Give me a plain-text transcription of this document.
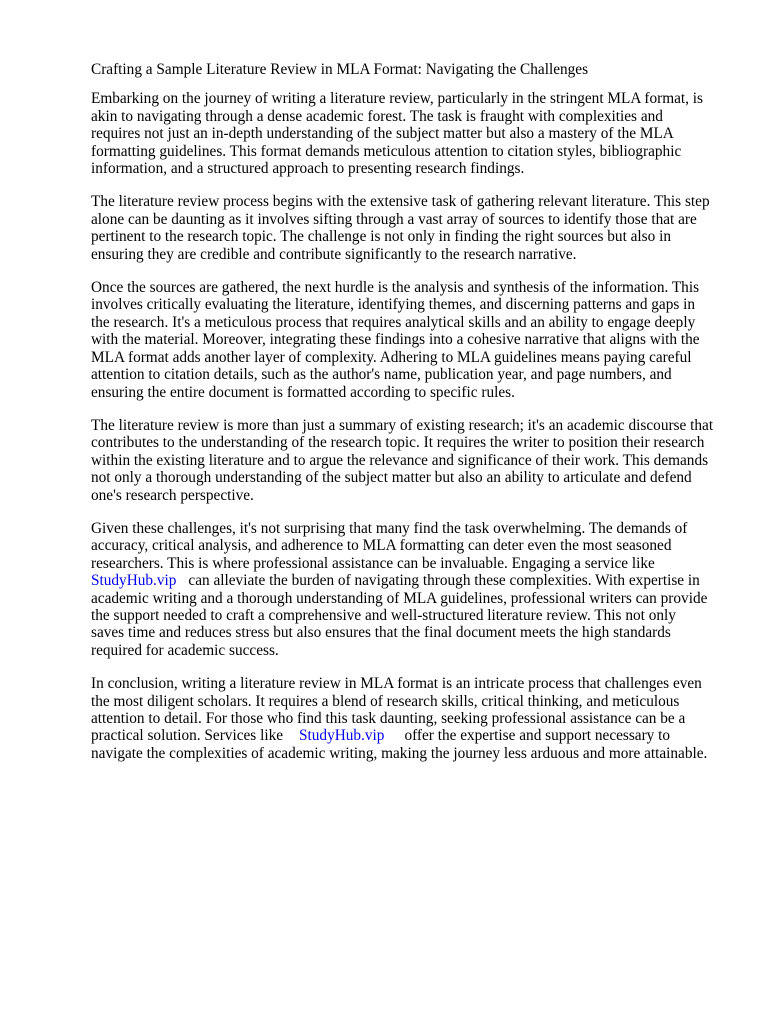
Crafting a Sample Literature Review in MLA Format: Navigating the Challenges

Embarking on the journey of writing a literature review, particularly in the stringent MLA format, is
akin to navigating through a dense academic forest. The task is fraught with complexities and
requires not just an in-depth understanding of the subject matter but also a mastery of the MLA
formatting guidelines. This format demands meticulous attention to citation styles, bibliographic
information, and a structured approach to presenting research findings.

The literature review process begins with the extensive task of gathering relevant literature. This step
alone can be daunting as it involves sifting through a vast array of sources to identify those that are
pertinent to the research topic. The challenge is not only in finding the right sources but also in
ensuring they are credible and contribute significantly to the research narrative.

Once the sources are gathered, the next hurdle is the analysis and synthesis of the information. This
involves critically evaluating the literature, identifying themes, and discerning patterns and gaps in
the research. It's a meticulous process that requires analytical skills and an ability to engage deeply
with the material. Moreover, integrating these findings into a cohesive narrative that aligns with the
MLA format adds another layer of complexity. Adhering to MLA guidelines means paying careful
attention to citation details, such as the author's name, publication year, and page numbers, and
ensuring the entire document is formatted according to specific rules.

The literature review is more than just a summary of existing research; it's an academic discourse that
contributes to the understanding of the research topic. It requires the writer to position their research
within the existing literature and to argue the relevance and significance of their work. This demands
not only a thorough understanding of the subject matter but also an ability to articulate and defend
one's research perspective.

Given these challenges, it's not surprising that many find the task overwhelming. The demands of
accuracy, critical analysis, and adherence to MLA formatting can deter even the most seasoned
researchers. This is where professional assistance can be invaluable. Engaging a service like
StudyHub.vip can alleviate the burden of navigating through these complexities. With expertise in
academic writing and a thorough understanding of MLA guidelines, professional writers can provide
the support needed to craft a comprehensive and well-structured literature review. This not only
saves time and reduces stress but also ensures that the final document meets the high standards
required for academic success.

In conclusion, writing a literature review in MLA format is an intricate process that challenges even
the most diligent scholars. It requires a blend of research skills, critical thinking, and meticulous
attention to detail. For those who find this task daunting, seeking professional assistance can be a
practical solution. Services like StudyHub.vip offer the expertise and support necessary to
navigate the complexities of academic writing, making the journey less arduous and more attainable.
